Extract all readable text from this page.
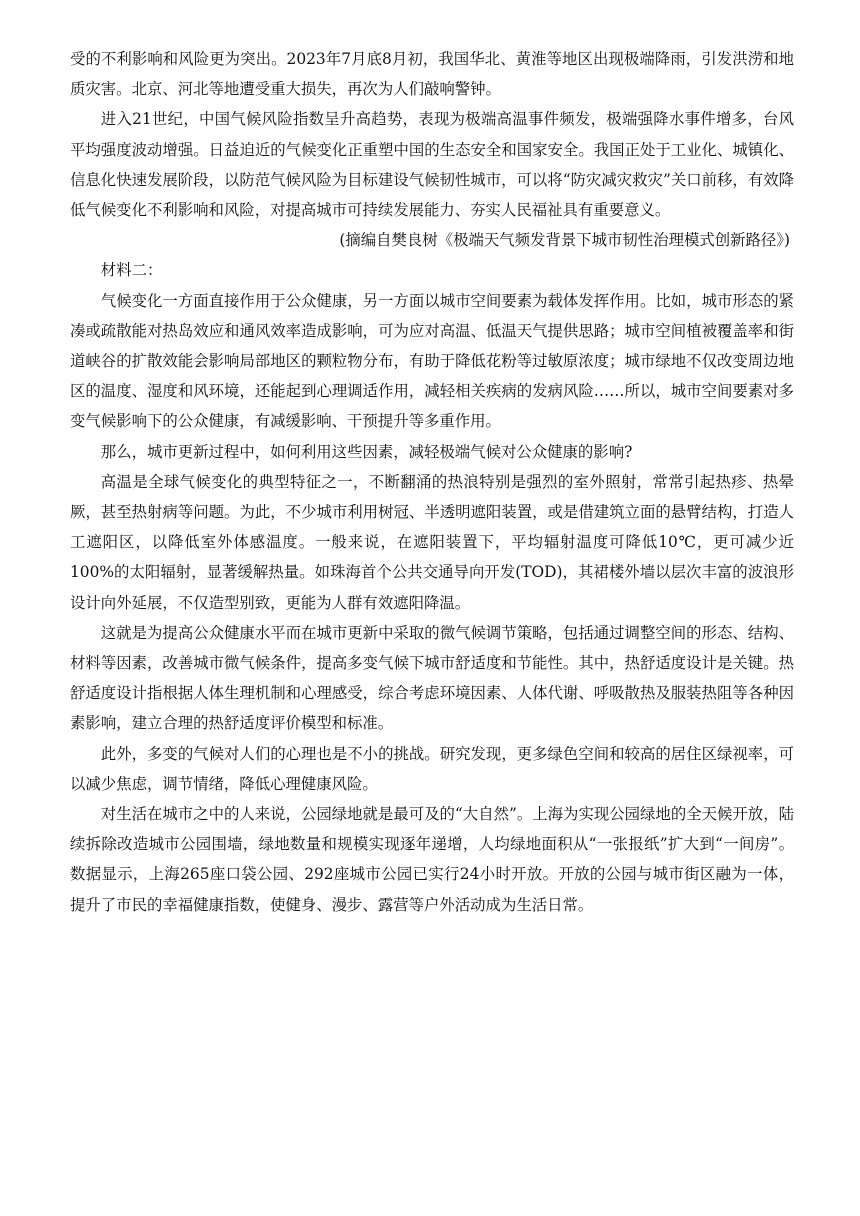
受的不利影响和风险更为突出。2023年7月底8月初，我国华北、黄淮等地区出现极端降雨，引发洪涝和地质灾害。北京、河北等地遭受重大损失，再次为人们敲响警钟。

进入21世纪，中国气候风险指数呈升高趋势，表现为极端高温事件频发，极端强降水事件增多，台风平均强度波动增强。日益迫近的气候变化正重塑中国的生态安全和国家安全。我国正处于工业化、城镇化、信息化快速发展阶段，以防范气候风险为目标建设气候韧性城市，可以将“防灾减灾救灾”关口前移，有效降低气候变化不利影响和风险，对提高城市可持续发展能力、夯实人民福祉具有重要意义。

(摘编自樊良树《极端天气频发背景下城市韧性治理模式创新路径》)

材料二：

气候变化一方面直接作用于公众健康，另一方面以城市空间要素为载体发挥作用。比如，城市形态的紧凑或疏散能对热岛效应和通风效率造成影响，可为应对高温、低温天气提供思路；城市空间植被覆盖率和街道峡谷的扩散效能会影响局部地区的颗粒物分布，有助于降低花粉等过敏原浓度；城市绿地不仅改变周边地区的温度、湿度和风环境，还能起到心理调适作用，减轻相关疾病的发病风险……所以，城市空间要素对多变气候影响下的公众健康，有减缓影响、干预提升等多重作用。

那么，城市更新过程中，如何利用这些因素，减轻极端气候对公众健康的影响?

高温是全球气候变化的典型特征之一，不断翻涌的热浪特别是强烈的室外照射，常常引起热疹、热晕厥，甚至热射病等问题。为此，不少城市利用树冠、半透明遮阳装置，或是借建筑立面的悬臂结构，打造人工遮阳区，以降低室外体感温度。一般来说，在遮阳装置下，平均辐射温度可降低10℃，更可减少近100%的太阳辐射，显著缓解热量。如珠海首个公共交通导向开发(TOD)，其裙楼外墙以层次丰富的波浪形设计向外延展，不仅造型别致，更能为人群有效遮阳降温。

这就是为提高公众健康水平而在城市更新中采取的微气候调节策略，包括通过调整空间的形态、结构、材料等因素，改善城市微气候条件，提高多变气候下城市舒适度和节能性。其中，热舒适度设计是关键。热舒适度设计指根据人体生理机制和心理感受，综合考虑环境因素、人体代谢、呼吸散热及服装热阻等各种因素影响，建立合理的热舒适度评价模型和标准。

此外，多变的气候对人们的心理也是不小的挑战。研究发现，更多绿色空间和较高的居住区绿视率，可以减少焦虑，调节情绪，降低心理健康风险。

对生活在城市之中的人来说，公园绿地就是最可及的“大自然”。上海为实现公园绿地的全天候开放，陆续拆除改造城市公园围墙，绿地数量和规模实现逐年递增，人均绿地面积从“一张报纸”扩大到“一间房”。数据显示，上海265座口袋公园、292座城市公园已实行24小时开放。开放的公园与城市街区融为一体，提升了市民的幸福健康指数，使健身、漫步、露营等户外活动成为生活日常。
